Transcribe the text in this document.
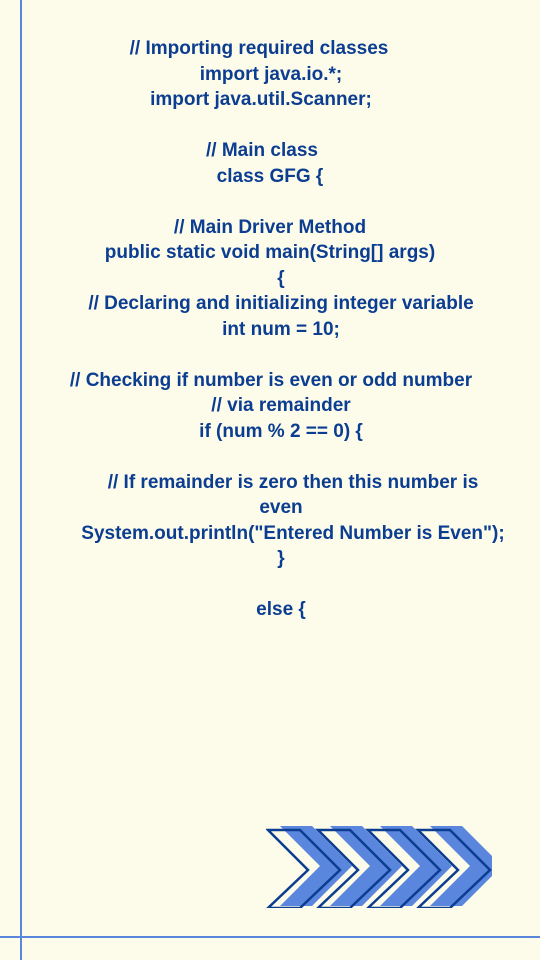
// Importing required classes
import java.io.*;
import java.util.Scanner;
// Main class
class GFG {
// Main Driver Method
public static void main(String[] args)
{
// Declaring and initializing integer variable
int num = 10;
// Checking if number is even or odd number
// via remainder
if (num % 2 == 0) {
// If remainder is zero then this number is
even
System.out.println("Entered Number is Even");
}
else {
